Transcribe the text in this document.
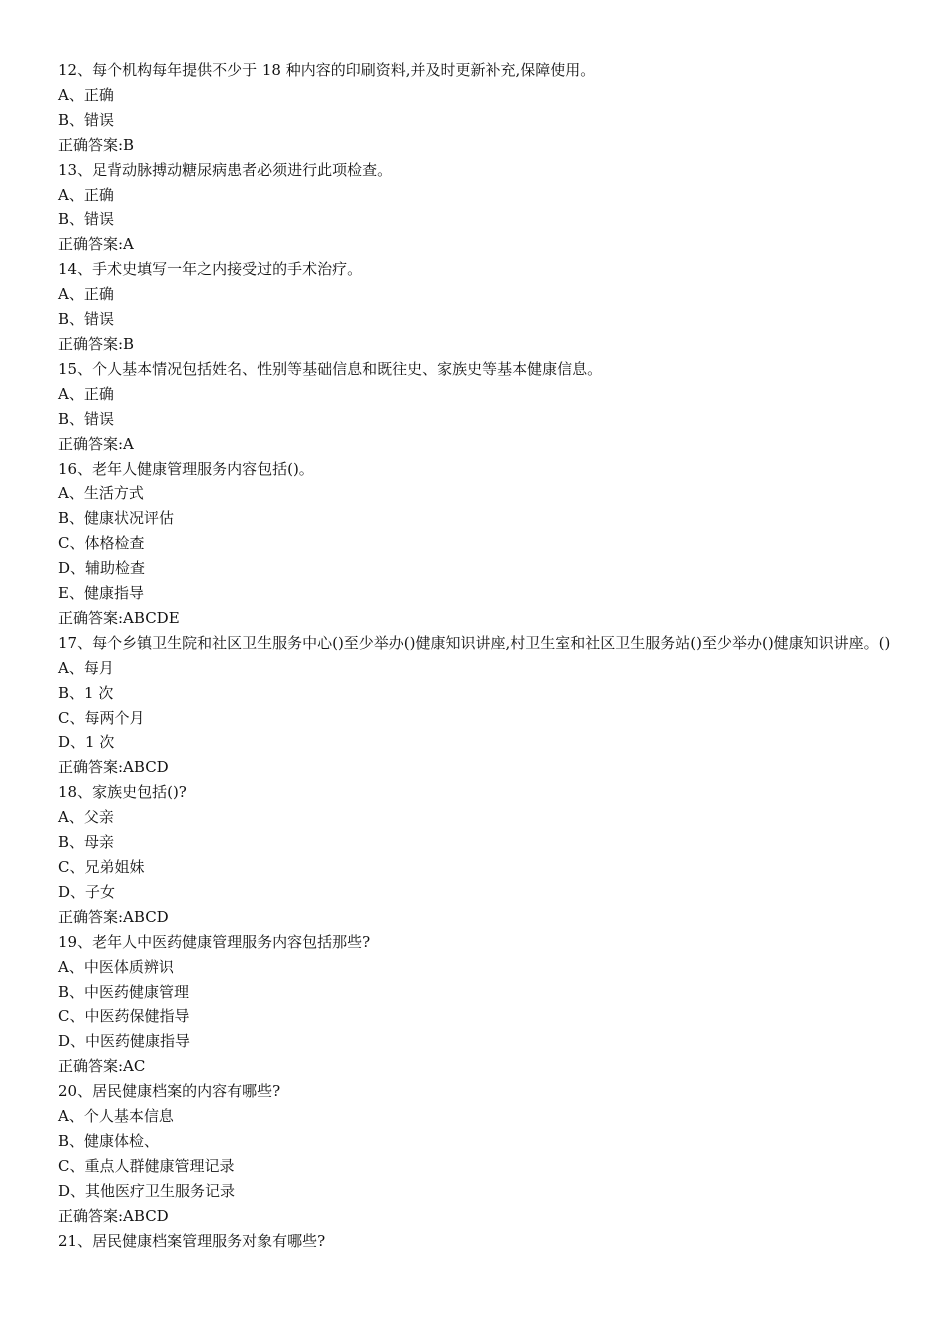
12、每个机构每年提供不少于 18 种内容的印刷资料,并及时更新补充,保障使用。

A、正确

B、错误

正确答案:B

13、足背动脉搏动糖尿病患者必须进行此项检查。

A、正确

B、错误

正确答案:A

14、手术史填写一年之内接受过的手术治疗。

A、正确

B、错误

正确答案:B

15、个人基本情况包括姓名、性别等基础信息和既往史、家族史等基本健康信息。

A、正确

B、错误

正确答案:A

16、老年人健康管理服务内容包括()。

A、生活方式

B、健康状况评估

C、体格检查

D、辅助检查

E、健康指导

正确答案:ABCDE

17、每个乡镇卫生院和社区卫生服务中心()至少举办()健康知识讲座,村卫生室和社区卫生服务站()至少举办()健康知识讲座。()

A、每月

B、1 次

C、每两个月

D、1 次

正确答案:ABCD

18、家族史包括()?

A、父亲

B、母亲

C、兄弟姐妹

D、子女

正确答案:ABCD

19、老年人中医药健康管理服务内容包括那些?

A、中医体质辨识

B、中医药健康管理

C、中医药保健指导

D、中医药健康指导

正确答案:AC

20、居民健康档案的内容有哪些?

A、个人基本信息

B、健康体检、

C、重点人群健康管理记录

D、其他医疗卫生服务记录

正确答案:ABCD

21、居民健康档案管理服务对象有哪些?
